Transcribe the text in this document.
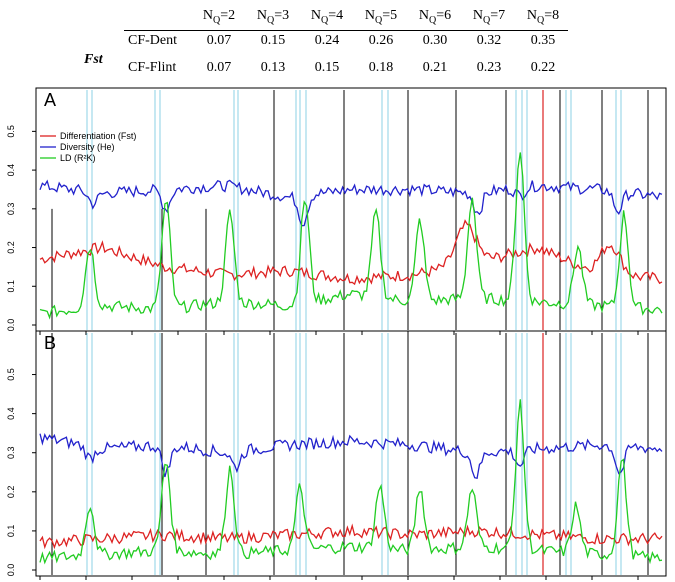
Fst
$N_Q=2$	$N_Q=3$	$N_Q=4$	$N_Q=5$	$N_Q=6$	$N_Q=7$	$N_Q=8$
CF-Dent	0.07	0.15	0.24	0.26	0.30	0.32	0.35
CF-Flint	0.07	0.13	0.15	0.18	0.21	0.23	0.22
A
0.0
0.1
0.2
0.3
0.4
0.5	Differentiation (Fst)
Diversity (He)
LD (R²K)
B
0.0
0.1
0.2
0.3
0.4
0.5
